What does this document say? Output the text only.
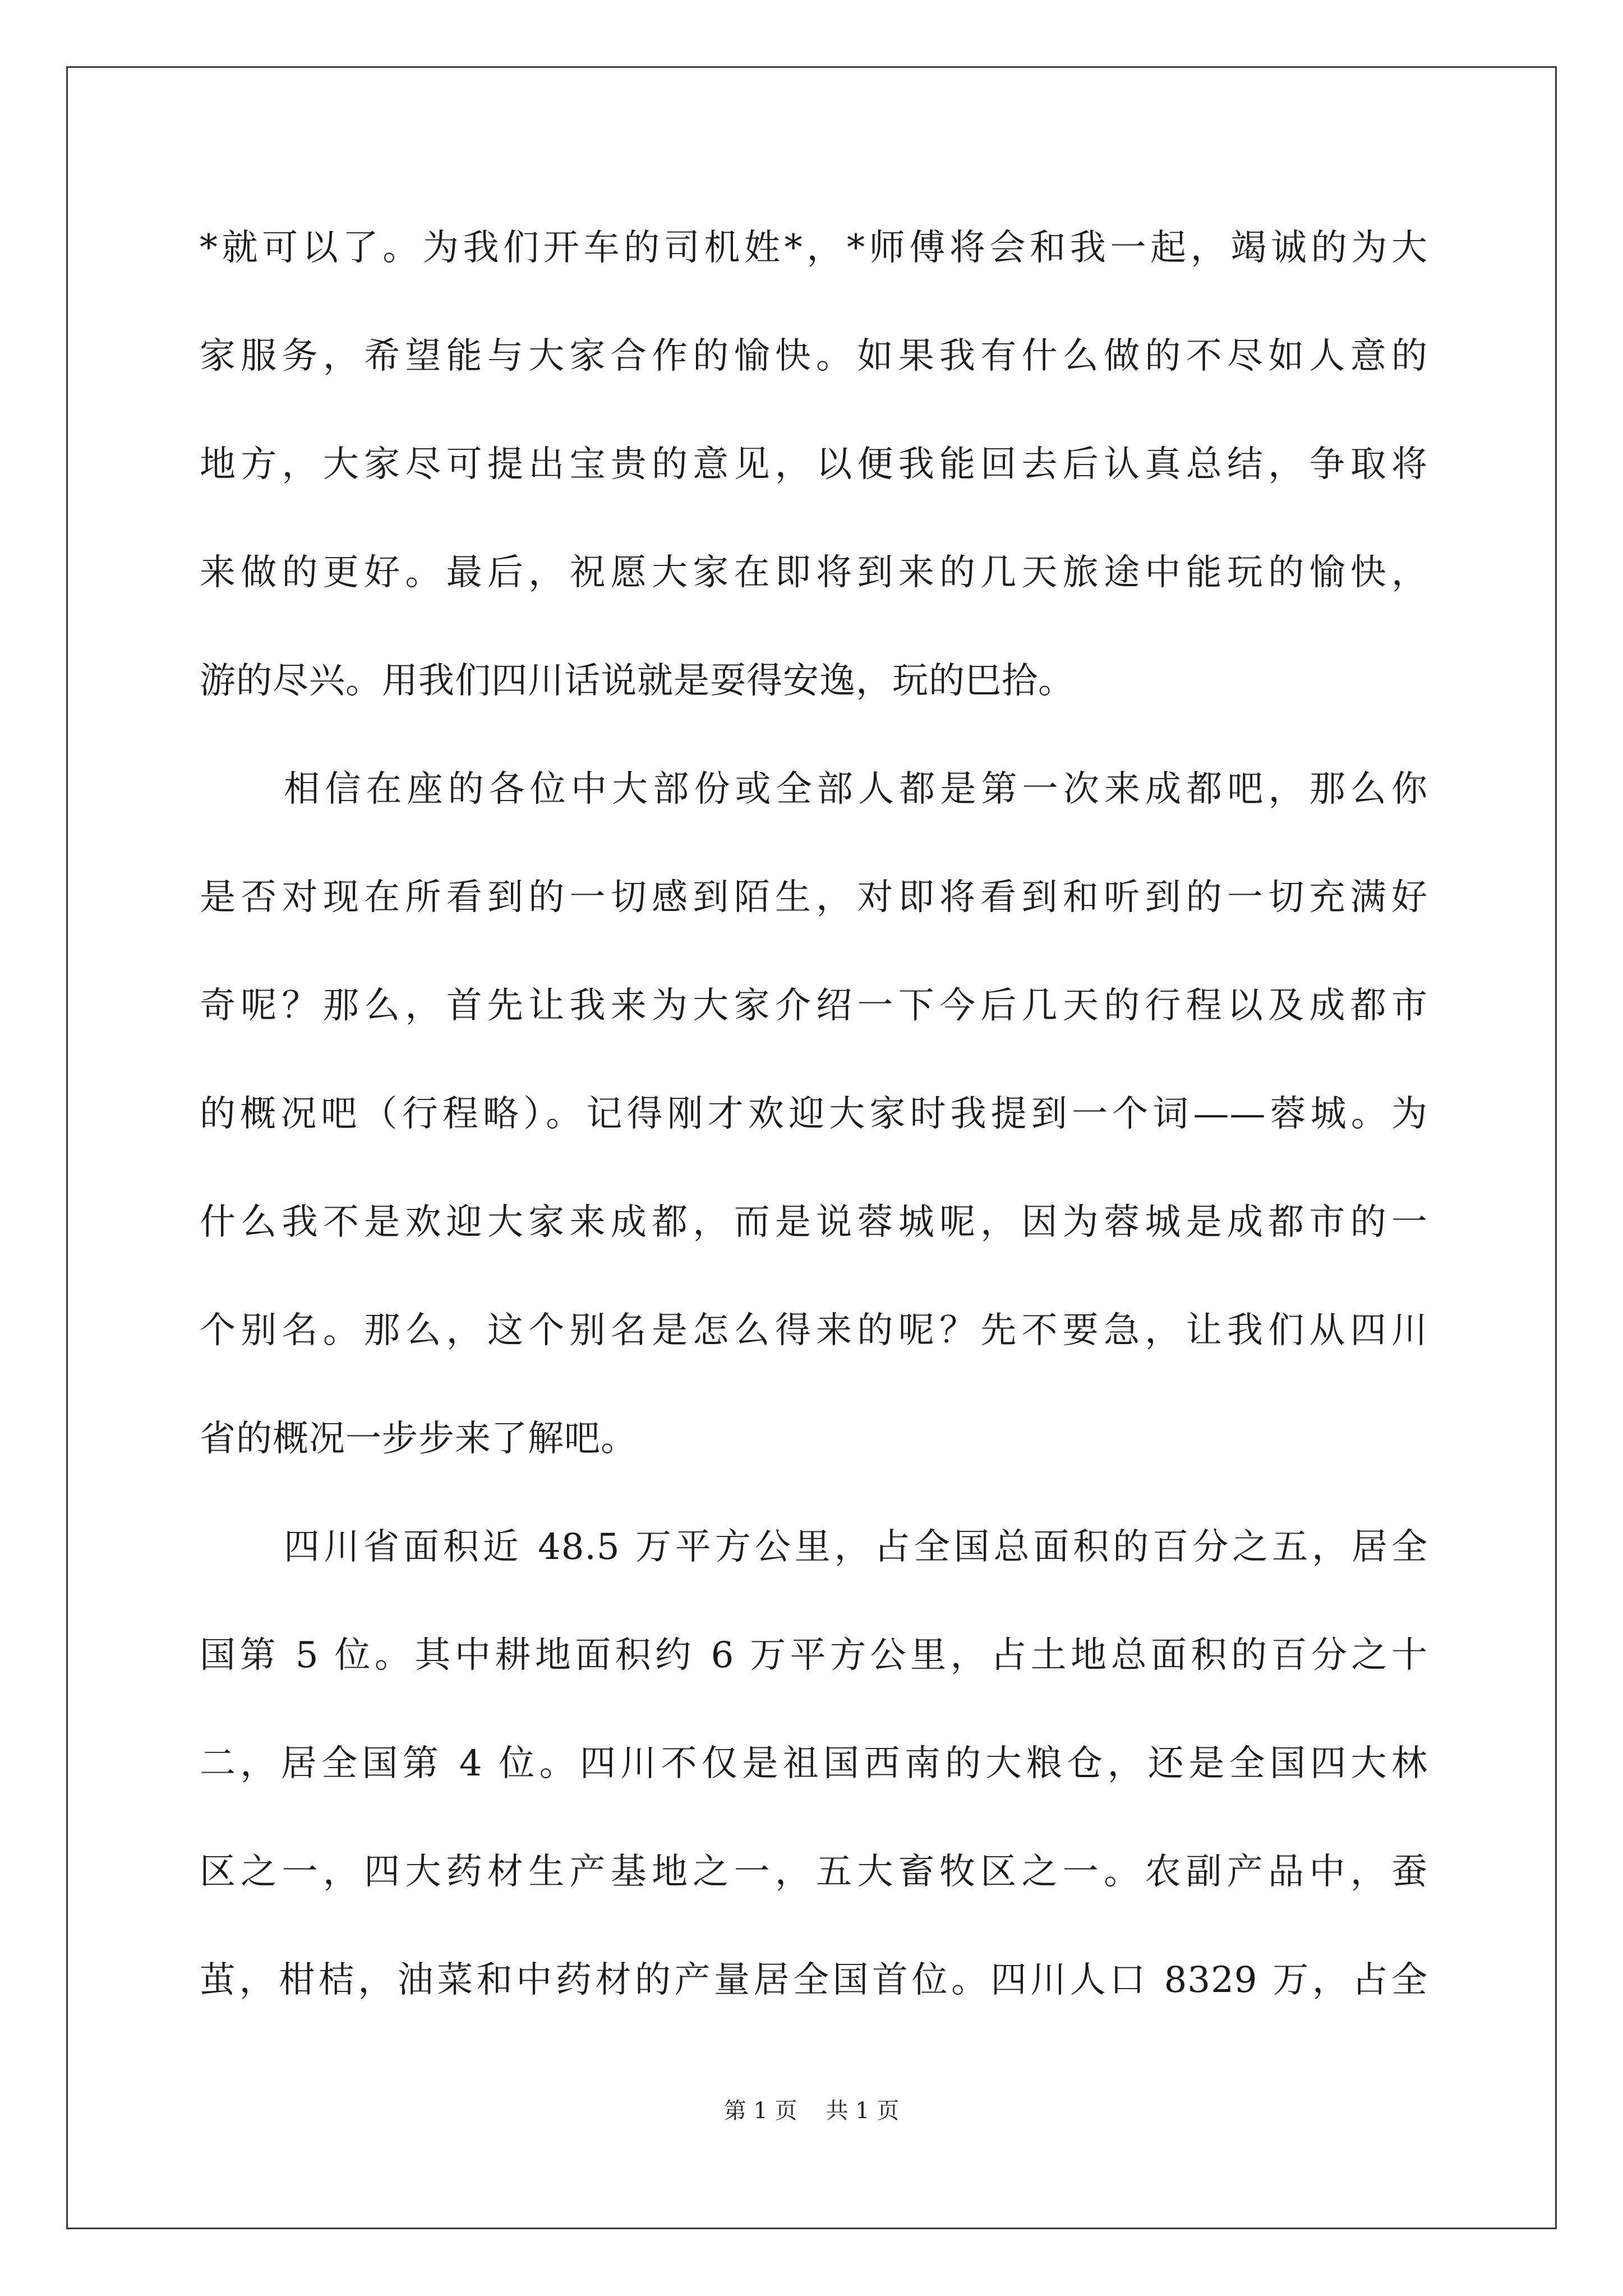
*就可以了。为我们开车的司机姓*，*师傅将会和我一起，竭诚的为大
家服务，希望能与大家合作的愉快。如果我有什么做的不尽如人意的
地方，大家尽可提出宝贵的意见，以便我能回去后认真总结，争取将
来做的更好。最后，祝愿大家在即将到来的几天旅途中能玩的愉快，
游的尽兴。用我们四川话说就是耍得安逸，玩的巴拾。
相信在座的各位中大部份或全部人都是第一次来成都吧，那么你
是否对现在所看到的一切感到陌生，对即将看到和听到的一切充满好
奇呢？那么，首先让我来为大家介绍一下今后几天的行程以及成都市
的概况吧（行程略）。记得刚才欢迎大家时我提到一个词——蓉城。为
什么我不是欢迎大家来成都，而是说蓉城呢，因为蓉城是成都市的一
个别名。那么，这个别名是怎么得来的呢？先不要急，让我们从四川
省的概况一步步来了解吧。
四川省面积近 48.5 万平方公里，占全国总面积的百分之五，居全
国第 5 位。其中耕地面积约 6 万平方公里，占土地总面积的百分之十
二，居全国第 4 位。四川不仅是祖国西南的大粮仓，还是全国四大林
区之一，四大药材生产基地之一，五大畜牧区之一。农副产品中，蚕
茧，柑桔，油菜和中药材的产量居全国首位。四川人口 8329 万，占全
第 1 页    共 1 页
